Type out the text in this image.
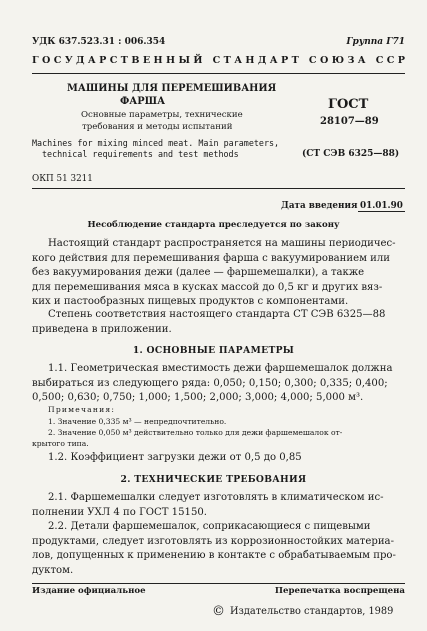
УДК 637.523.31 : 006.354	Группа Г71
ГОСУДАРСТВЕННЫЙ СТАНДАРТ СОЮЗА ССР
МАШИНЫ ДЛЯ ПЕРЕМЕШИВАНИЯ
ФАРША
Основные параметры, технические
требования и методы испытаний
Machines for mixing minced meat. Main parameters,
technical requirements and test methods
ГОСТ
28107—89
(СТ СЭВ 6325—88)
ОКП 51 3211
Дата введения 01.01.90
Несоблюдение стандарта преследуется по закону
Настоящий стандарт распространяется на машины периодичес-
кого действия для перемешивания фарша с вакуумированием или
без вакуумирования дежи (далее — фаршемешалки), а также
для перемешивания мяса в кусках массой до 0,5 кг и других вяз-
ких и пастообразных пищевых продуктов с компонентами.
Степень соответствия настоящего стандарта СТ СЭВ 6325—88
приведена в приложении.
1. ОСНОВНЫЕ ПАРАМЕТРЫ
1.1. Геометрическая вместимость дежи фаршемешалок должна
выбираться из следующего ряда: 0,050; 0,150; 0,300; 0,335; 0,400;
0,500; 0,630; 0,750; 1,000; 1,500; 2,000; 3,000; 4,000; 5,000 м³.
Примечания:
1. Значение 0,335 м³ — непредпочтительно.
2. Значение 0,050 м³ действительно только для дежи фаршемешалок от-
крытого типа.
1.2. Коэффициент загрузки дежи от 0,5 до 0,85
2. ТЕХНИЧЕСКИЕ ТРЕБОВАНИЯ
2.1. Фаршемешалки следует изготовлять в климатическом ис-
полнении УХЛ 4 по ГОСТ 15150.
2.2. Детали фаршемешалок, соприкасающиеся с пищевыми
продуктами, следует изготовлять из коррозионностойких материа-
лов, допущенных к применению в контакте с обрабатываемым про-
дуктом.
Издание официальное	Перепечатка воспрещена
© Издательство стандартов, 1989
